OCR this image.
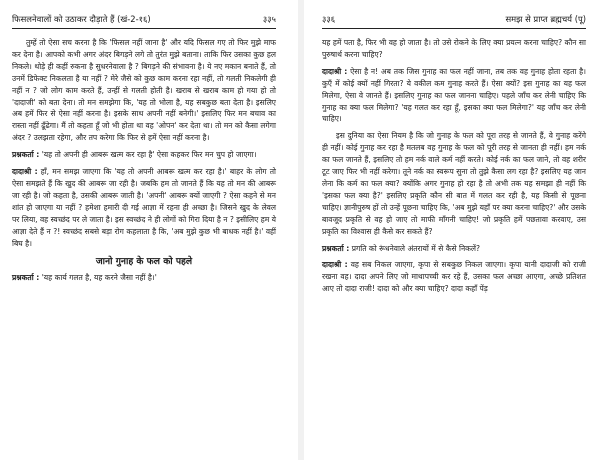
फिसलनेवालों को उठाकर दौड़ाते हैं (खं-2-१६)	३३५

तुम्हें तो ऐसा सच करना है कि 'फिसल नहीं जाना है' और यदि फिसल गए तो फिर मुझे माफ कर देना है। आपको कभी अगर अंदर बिगड़ने लगे तो तुरंत मुझे बताना। ताकि फिर उसका कुछ हल निकले। थोड़े ही कहीं रुकना है सुधरनेवाला है ? बिगड़ने की संभावना है। ये नए मकान बनाते हैं, तो उनमें डिफेक्ट निकलता है या नहीं ? मेरे जैसे को कुछ काम करना रहा नहीं, तो गलती निकलेगी ही नहीं न ? जो लोग काम करते हैं, उन्हीं से गलती होती है। खराब से खराब काम हो गया हो तो 'दादाजी' को बता देना। तो मन समझेगा कि, 'यह तो भोला है, यह सबकुछ बता देता है। इसलिए अब हमें फिर से ऐसा नहीं करना है। इसके साथ अपनी नहीं बनेगी।' इसलिए फिर मन बचाव का रास्ता नहीं ढूँढेगा। मैं तो कहता हूँ जो भी होता था वह 'ओपन' कर देता था। तो मन को कैसा लगेगा अंदर ? उलझता रहेगा, और तप करेगा कि फिर से हमें ऐसा नहीं करना है।

प्रश्नकर्ता : 'यह तो अपनी ही आबरू खत्म कर रहा है' ऐसा कहकर फिर मन चुप हो जाएगा।

दादाश्री : हाँ, मन समझ जाएगा कि 'यह तो अपनी आबरू खत्म कर रहा है।' बाहर के लोग तो ऐसा समझते हैं कि खुद की आबरू जा रही है। जबकि हम तो जानते हैं कि यह तो मन की आबरू जा रही है। जो कहता है, उसकी आबरू जाती है। 'अपनी' आबरू क्यों जाएगी ? ऐसा कहने से मन शांत हो जाएगा या नहीं ? हमेशा हमारी दी गई आज्ञा में रहना ही अच्छा है। जिसने खुद के लेवल पर लिया, वह स्वच्छंद पर ले जाता है। इस स्वच्छंद ने ही लोगों को गिरा दिया है न ? इसीलिए हम ये आज्ञा देते हैं न ?! स्वच्छंद सबसे बड़ा रोग कहलाता है कि, 'अब मुझे कुछ भी बाधक नहीं है।' वहीं बिघ है।

जानो गुनाह के फल को पहले

प्रश्नकर्ता : 'यह कार्य गलत है, यह करने जैसा नहीं है।'

३३६	समझ से प्राप्त ब्रह्मचर्य (पू)

यह हमें पता है, फिर भी वह हो जाता है। तो उसे रोकने के लिए क्या प्रयत्न करना चाहिए? कौन सा पुरुषार्थ करना चाहिए?

दादाश्री : ऐसा है न! अब तक जिस गुनाह का फल नहीं जाना, तब तक वह गुनाह होता रहता है। कुएँ में कोई क्यों नहीं गिरता? ये वकील कम गुनाह करते हैं। ऐसा क्यों? इस गुनाह का यह फल मिलेगा, ऐसा वे जानते हैं। इसलिए गुनाह का फल जानना चाहिए। पहले जाँच कर लेनी चाहिए कि गुनाह का क्या फल मिलेगा? 'यह गलत कर रहा हूँ, इसका क्या फल मिलेगा?' यह जाँच कर लेनी चाहिए।

इस दुनिया का ऐसा नियम है कि जो गुनाह के फल को पूरा तरह से जानते हैं, वे गुनाह करेंगे ही नहीं। कोई गुनाह कर रहा है मतलब वह गुनाह के फल को पूरी तरह से जानता ही नहीं। हम नर्क का फल जानते हैं, इसलिए तो हम नर्क वाले कर्म नहीं करते। कोई नर्क का फल जाने, तो वह शरीर टूट जाए फिर भी नहीं करेगा। तूने नर्क का स्वरूप सुना तो तुझे कैसा लग रहा है? इसलिए यह जान लेना कि कर्म का फल क्या? क्योंकि अगर गुनाह हो रहा है तो अभी तक यह समझा ही नहीं कि 'इसका फल क्या है?' इसलिए प्रकृति कौन सी बात में गलत कर रही है, यह किसी से पूछना चाहिए। ज्ञानीपुरुष हों तो उन्हें पूछना चाहिए कि, 'अब मुझे यहाँ पर क्या करना चाहिए?' और उसके बावजूद प्रकृति से वह हो जाए तो माफी माँगनी चाहिए! जो प्रकृति हमें पछतावा करवाए, उस प्रकृति का विश्वास ही कैसे कर सकते हैं?

प्रश्नकर्ता : प्रगति को रूंधनेवाले अंतरायों में से कैसे निकलें?

दादाश्री : वह सब निकल जाएगा, कृपा से सबकुछ निकल जाएगा। कृपा यानी दादाजी को राजी रखना वह। दादा अपने लिए जो माथापच्ची कर रहे हैं, उसका फल अच्छा आएगा, अच्छे प्रतिशत आए तो दादा राजी! दादा को और क्या चाहिए? दादा कहाँ पेंड़
